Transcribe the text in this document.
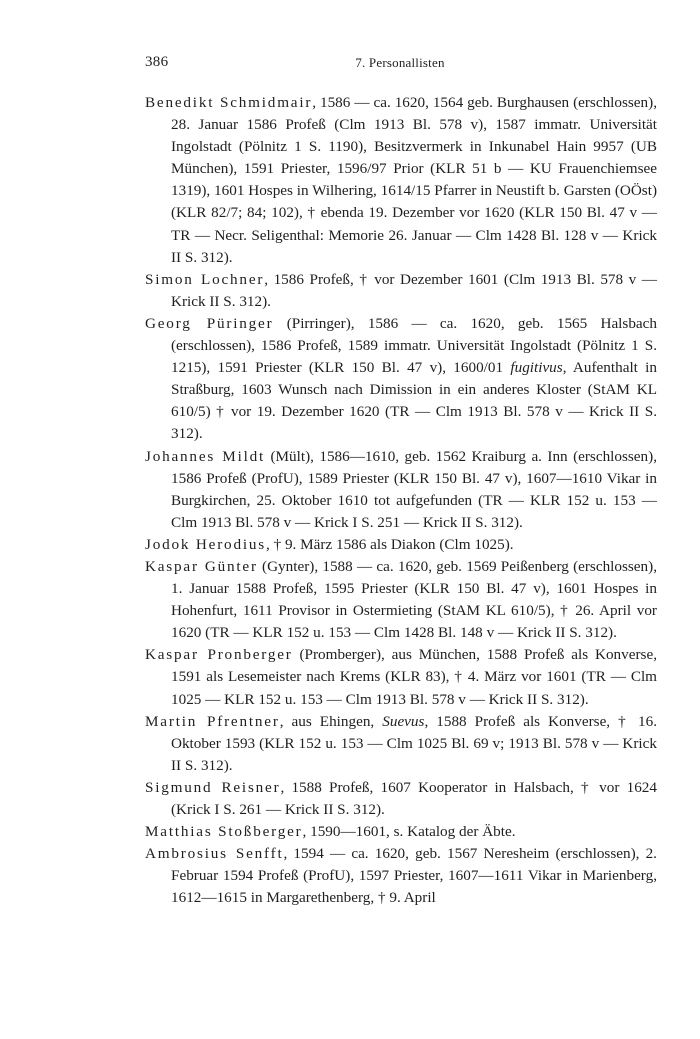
386	7. Personallisten

Benedikt Schmidmair, 1586 — ca. 1620, 1564 geb. Burghausen (erschlossen), 28. Januar 1586 Profeß (Clm 1913 Bl. 578 v), 1587 immatr. Universität Ingolstadt (Pölnitz 1 S. 1190), Besitzvermerk in Inkunabel Hain 9957 (UB München), 1591 Priester, 1596/97 Prior (KLR 51 b — KU Frauenchiemsee 1319), 1601 Hospes in Wilhering, 1614/15 Pfarrer in Neustift b. Garsten (OÖst) (KLR 82/7; 84; 102), † ebenda 19. Dezember vor 1620 (KLR 150 Bl. 47 v — TR — Necr. Seligenthal: Memorie 26. Januar — Clm 1428 Bl. 128 v — Krick II S. 312).

Simon Lochner, 1586 Profeß, † vor Dezember 1601 (Clm 1913 Bl. 578 v — Krick II S. 312).

Georg Püringer (Pirringer), 1586 — ca. 1620, geb. 1565 Halsbach (erschlossen), 1586 Profeß, 1589 immatr. Universität Ingolstadt (Pölnitz 1 S. 1215), 1591 Priester (KLR 150 Bl. 47 v), 1600/01 fugitivus, Aufenthalt in Straßburg, 1603 Wunsch nach Dimission in ein anderes Kloster (StAM KL 610/5) † vor 19. Dezember 1620 (TR — Clm 1913 Bl. 578 v — Krick II S. 312).

Johannes Mildt (Mült), 1586—1610, geb. 1562 Kraiburg a. Inn (erschlossen), 1586 Profeß (ProfU), 1589 Priester (KLR 150 Bl. 47 v), 1607—1610 Vikar in Burgkirchen, 25. Oktober 1610 tot aufgefunden (TR — KLR 152 u. 153 — Clm 1913 Bl. 578 v — Krick I S. 251 — Krick II S. 312).

Jodok Herodius, † 9. März 1586 als Diakon (Clm 1025).

Kaspar Günter (Gynter), 1588 — ca. 1620, geb. 1569 Peißenberg (erschlossen), 1. Januar 1588 Profeß, 1595 Priester (KLR 150 Bl. 47 v), 1601 Hospes in Hohenfurt, 1611 Provisor in Ostermieting (StAM KL 610/5), † 26. April vor 1620 (TR — KLR 152 u. 153 — Clm 1428 Bl. 148 v — Krick II S. 312).

Kaspar Pronberger (Promberger), aus München, 1588 Profeß als Konverse, 1591 als Lesemeister nach Krems (KLR 83), † 4. März vor 1601 (TR — Clm 1025 — KLR 152 u. 153 — Clm 1913 Bl. 578 v — Krick II S. 312).

Martin Pfrentner, aus Ehingen, Suevus, 1588 Profeß als Konverse, † 16. Oktober 1593 (KLR 152 u. 153 — Clm 1025 Bl. 69 v; 1913 Bl. 578 v — Krick II S. 312).

Sigmund Reisner, 1588 Profeß, 1607 Kooperator in Halsbach, † vor 1624 (Krick I S. 261 — Krick II S. 312).

Matthias Stoßberger, 1590—1601, s. Katalog der Äbte.

Ambrosius Senfft, 1594 — ca. 1620, geb. 1567 Neresheim (erschlossen), 2. Februar 1594 Profeß (ProfU), 1597 Priester, 1607—1611 Vikar in Marienberg, 1612—1615 in Margarethenberg, † 9. April
